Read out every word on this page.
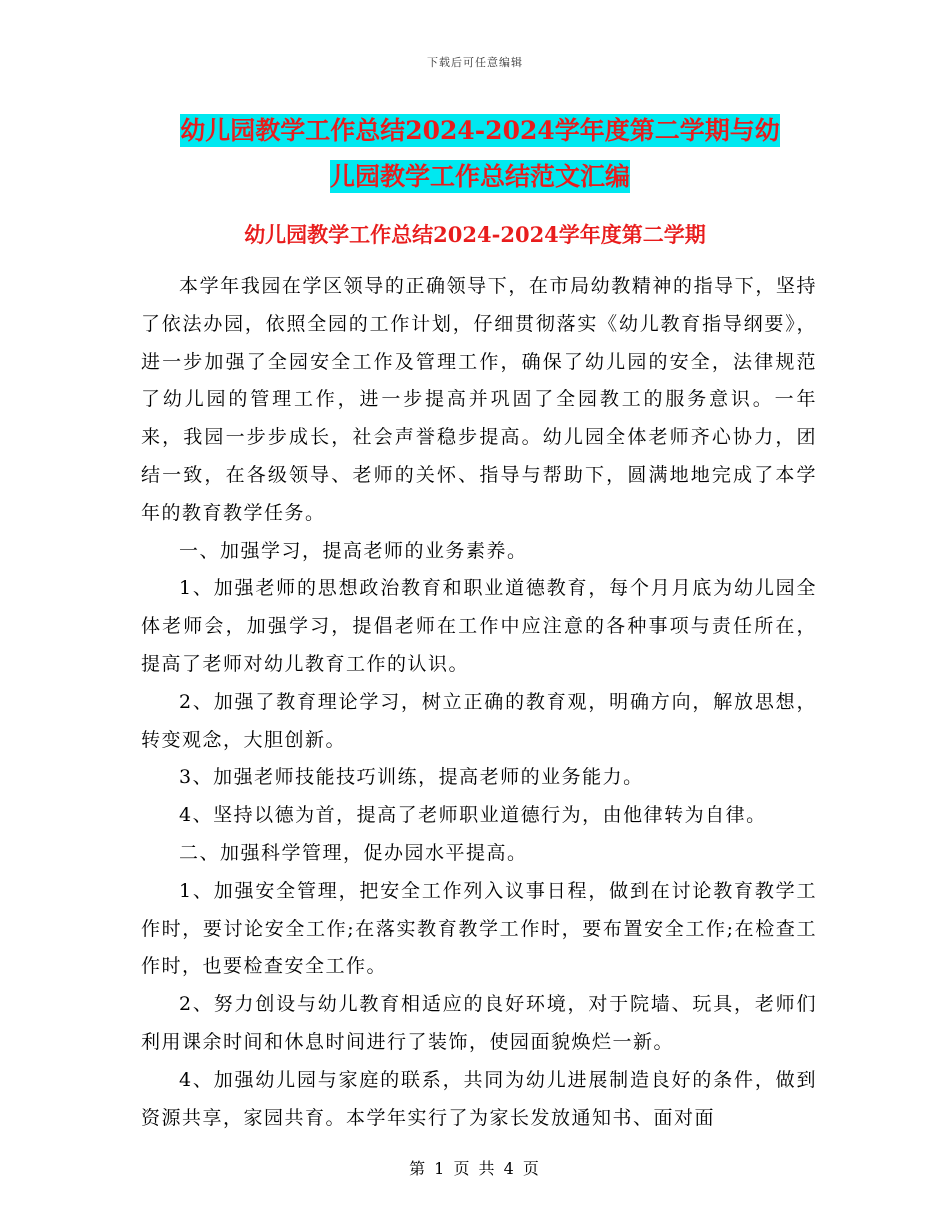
下载后可任意编辑
幼儿园教学工作总结2024-2024学年度第二学期与幼
儿园教学工作总结范文汇编
幼儿园教学工作总结2024-2024学年度第二学期

本学年我园在学区领导的正确领导下，在市局幼教精神的指导下，坚持了依法办园，依照全园的工作计划，仔细贯彻落实《幼儿教育指导纲要》，进一步加强了全园安全工作及管理工作，确保了幼儿园的安全，法律规范了幼儿园的管理工作，进一步提高并巩固了全园教工的服务意识。一年来，我园一步步成长，社会声誉稳步提高。幼儿园全体老师齐心协力，团结一致，在各级领导、老师的关怀、指导与帮助下，圆满地地完成了本学年的教育教学任务。

一、加强学习，提高老师的业务素养。

1、加强老师的思想政治教育和职业道德教育，每个月月底为幼儿园全体老师会，加强学习，提倡老师在工作中应注意的各种事项与责任所在，提高了老师对幼儿教育工作的认识。

2、加强了教育理论学习，树立正确的教育观，明确方向，解放思想，转变观念，大胆创新。

3、加强老师技能技巧训练，提高老师的业务能力。

4、坚持以德为首，提高了老师职业道德行为，由他律转为自律。

二、加强科学管理，促办园水平提高。

1、加强安全管理，把安全工作列入议事日程，做到在讨论教育教学工作时，要讨论安全工作;在落实教育教学工作时，要布置安全工作;在检查工作时，也要检查安全工作。

2、努力创设与幼儿教育相适应的良好环境，对于院墙、玩具，老师们利用课余时间和休息时间进行了装饰，使园面貌焕烂一新。

4、加强幼儿园与家庭的联系，共同为幼儿进展制造良好的条件，做到资源共享，家园共育。本学年实行了为家长发放通知书、面对面

第 1 页 共 4 页
